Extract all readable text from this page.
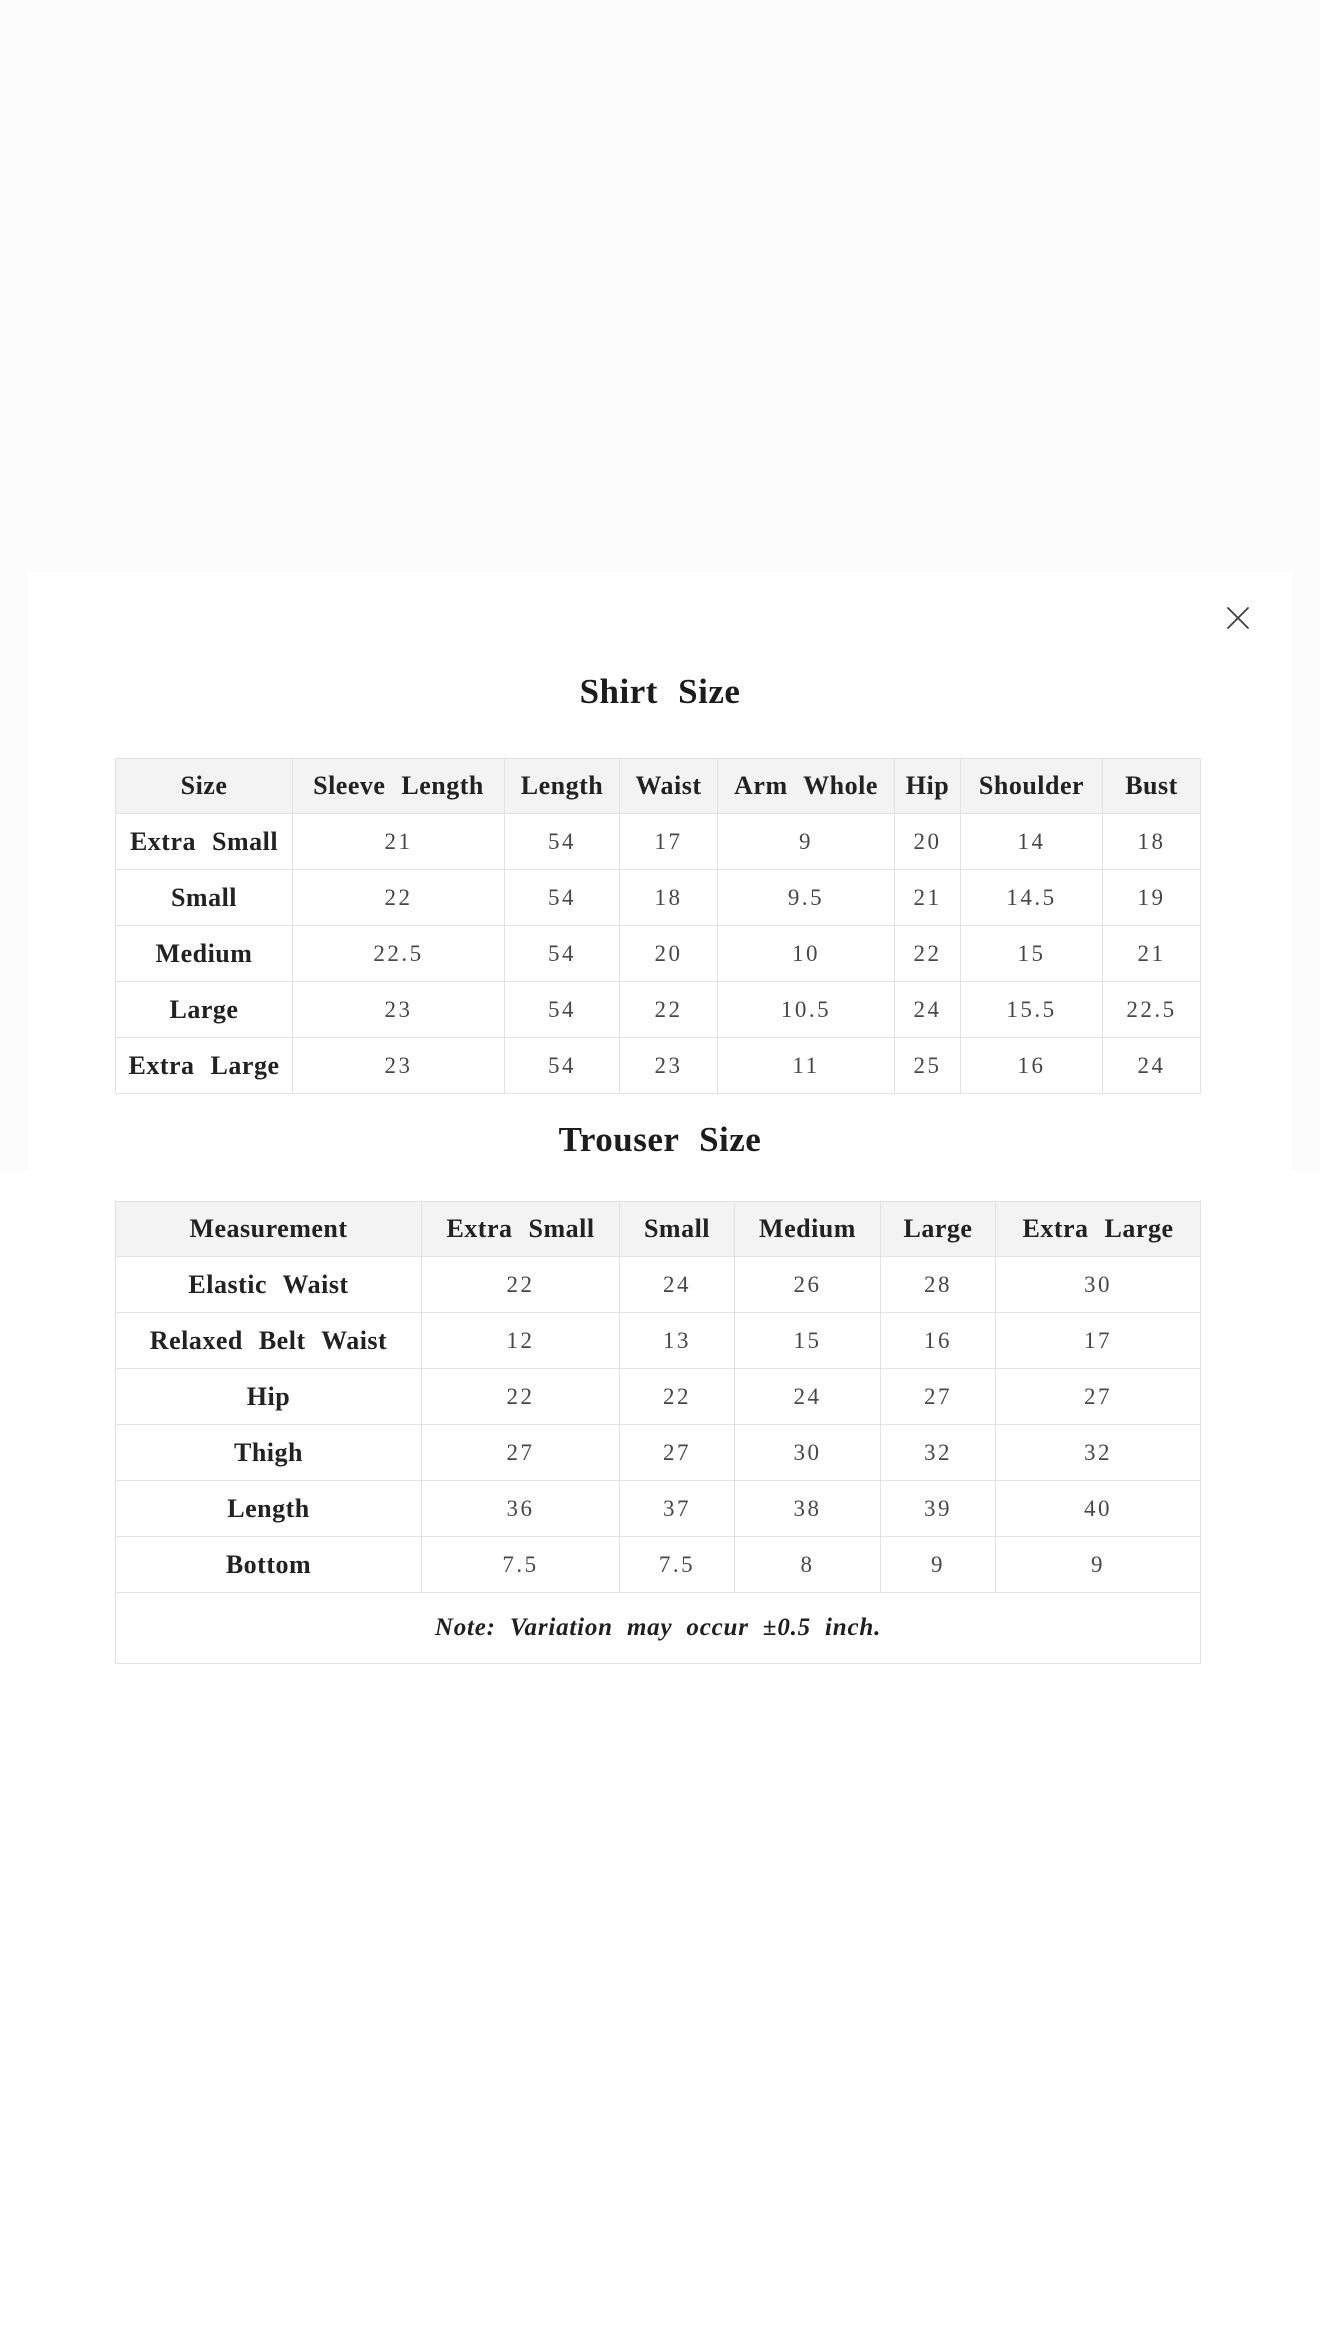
Shirt Size
Size	Sleeve Length	Length	Waist	Arm Whole	Hip	Shoulder	Bust
Extra Small	21	54	17	9	20	14	18
Small	22	54	18	9.5	21	14.5	19
Medium	22.5	54	20	10	22	15	21
Large	23	54	22	10.5	24	15.5	22.5
Extra Large	23	54	23	11	25	16	24
Trouser Size
Measurement	Extra Small	Small	Medium	Large	Extra Large
Elastic Waist	22	24	26	28	30
Relaxed Belt Waist	12	13	15	16	17
Hip	22	22	24	27	27
Thigh	27	27	30	32	32
Length	36	37	38	39	40
Bottom	7.5	7.5	8	9	9
Note: Variation may occur ±0.5 inch.					
